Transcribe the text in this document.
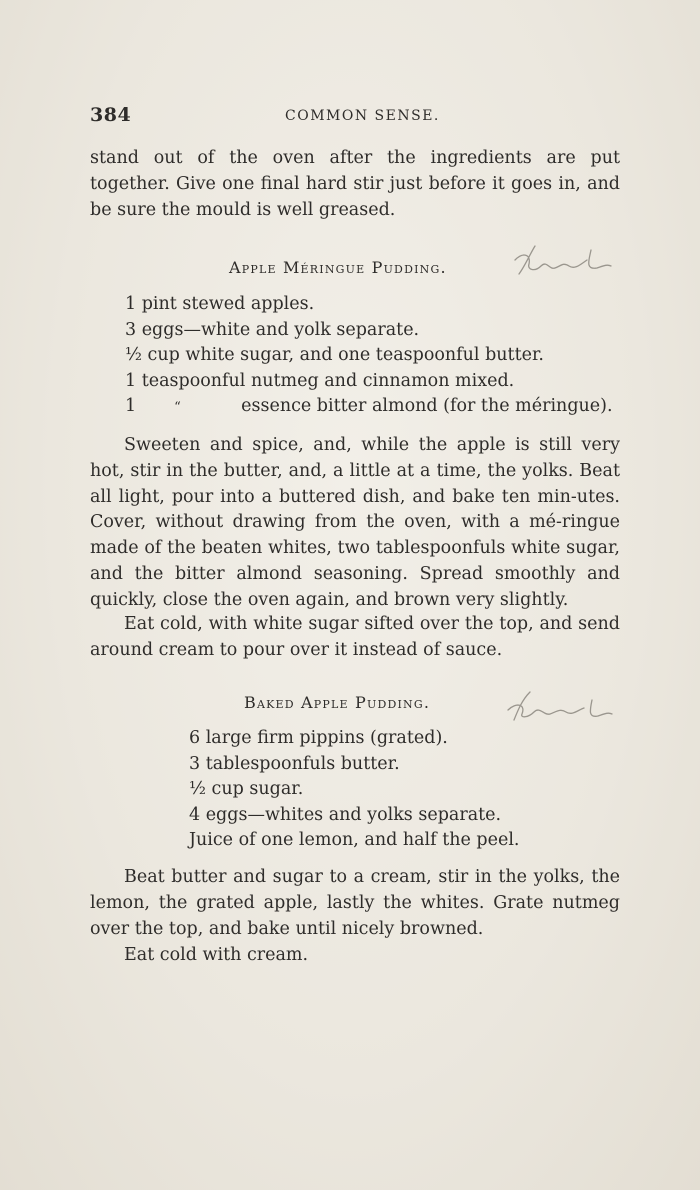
384	COMMON SENSE.

stand out of the oven after the ingredients are put together. Give one final hard stir just before it goes in, and be sure the mould is well greased.

Apple Méringue Pudding.
1 pint stewed apples.
3 eggs—white and yolk separate.
½ cup white sugar, and one teaspoonful butter.
1 teaspoonful nutmeg and cinnamon mixed.
1	“	essence bitter almond (for the méringue).

Sweeten and spice, and, while the apple is still very hot, stir in the butter, and, a little at a time, the yolks. Beat all light, pour into a buttered dish, and bake ten min-utes. Cover, without drawing from the oven, with a mé-ringue made of the beaten whites, two tablespoonfuls white sugar, and the bitter almond seasoning. Spread smoothly and quickly, close the oven again, and brown very slightly.

Eat cold, with white sugar sifted over the top, and send around cream to pour over it instead of sauce.

Baked Apple Pudding.
6 large firm pippins (grated).
3 tablespoonfuls butter.
½ cup sugar.
4 eggs—whites and yolks separate.
Juice of one lemon, and half the peel.

Beat butter and sugar to a cream, stir in the yolks, the lemon, the grated apple, lastly the whites. Grate nutmeg over the top, and bake until nicely browned.

Eat cold with cream.
